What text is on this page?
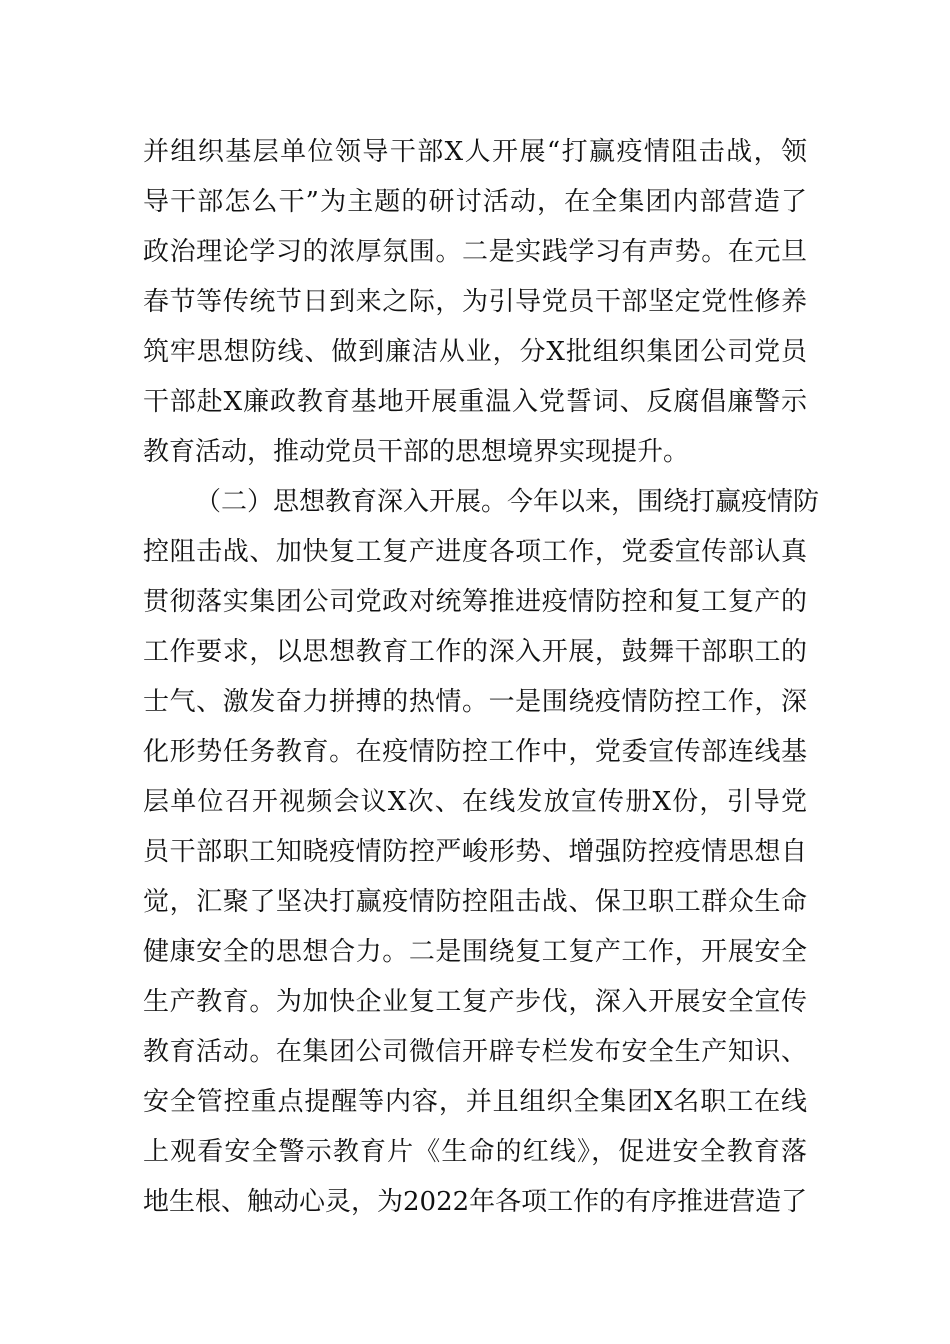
并组织基层单位领导干部X人开展“打赢疫情阻击战，领
导干部怎么干”为主题的研讨活动，在全集团内部营造了
政治理论学习的浓厚氛围。二是实践学习有声势。在元旦
春节等传统节日到来之际，为引导党员干部坚定党性修养
筑牢思想防线、做到廉洁从业，分X批组织集团公司党员
干部赴X廉政教育基地开展重温入党誓词、反腐倡廉警示
教育活动，推动党员干部的思想境界实现提升。
（二）思想教育深入开展。今年以来，围绕打赢疫情防
控阻击战、加快复工复产进度各项工作，党委宣传部认真
贯彻落实集团公司党政对统筹推进疫情防控和复工复产的
工作要求，以思想教育工作的深入开展，鼓舞干部职工的
士气、激发奋力拼搏的热情。一是围绕疫情防控工作，深
化形势任务教育。在疫情防控工作中，党委宣传部连线基
层单位召开视频会议X次、在线发放宣传册X份，引导党
员干部职工知晓疫情防控严峻形势、增强防控疫情思想自
觉，汇聚了坚决打赢疫情防控阻击战、保卫职工群众生命
健康安全的思想合力。二是围绕复工复产工作，开展安全
生产教育。为加快企业复工复产步伐，深入开展安全宣传
教育活动。在集团公司微信开辟专栏发布安全生产知识、
安全管控重点提醒等内容，并且组织全集团X名职工在线
上观看安全警示教育片《生命的红线》，促进安全教育落
地生根、触动心灵，为2022年各项工作的有序推进营造了
